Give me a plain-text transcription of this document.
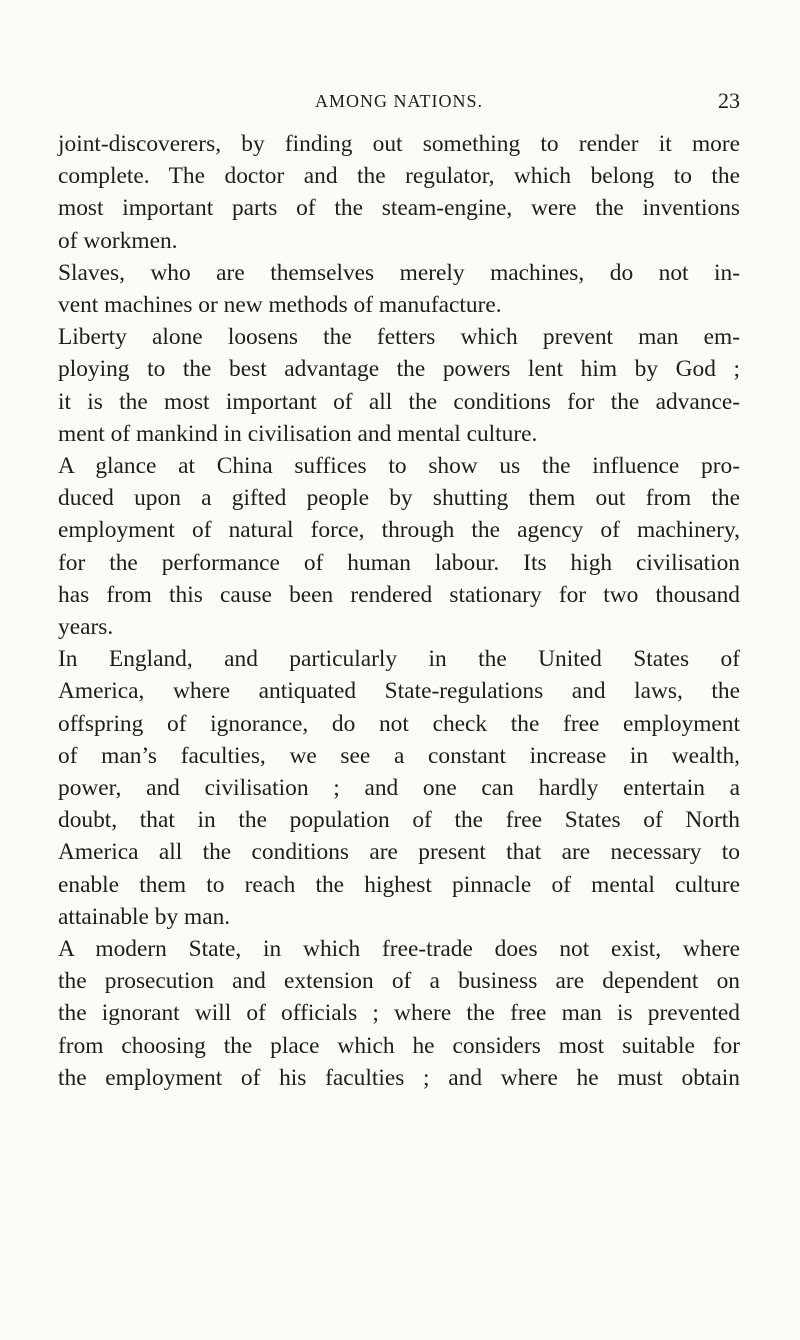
AMONG NATIONS.	23

joint-discoverers, by finding out something to render it more
complete. The doctor and the regulator, which belong to the
most important parts of the steam-engine, were the inventions
of workmen.

Slaves, who are themselves merely machines, do not in-
vent machines or new methods of manufacture.

Liberty alone loosens the fetters which prevent man em-
ploying to the best advantage the powers lent him by God ;
it is the most important of all the conditions for the advance-
ment of mankind in civilisation and mental culture.

A glance at China suffices to show us the influence pro-
duced upon a gifted people by shutting them out from the
employment of natural force, through the agency of machinery,
for the performance of human labour. Its high civilisation
has from this cause been rendered stationary for two thousand
years.

In England, and particularly in the United States of
America, where antiquated State-regulations and laws, the
offspring of ignorance, do not check the free employment
of man’s faculties, we see a constant increase in wealth,
power, and civilisation ; and one can hardly entertain a
doubt, that in the population of the free States of North
America all the conditions are present that are necessary to
enable them to reach the highest pinnacle of mental culture
attainable by man.

A modern State, in which free-trade does not exist, where
the prosecution and extension of a business are dependent on
the ignorant will of officials ; where the free man is prevented
from choosing the place which he considers most suitable for
the employment of his faculties ; and where he must obtain
